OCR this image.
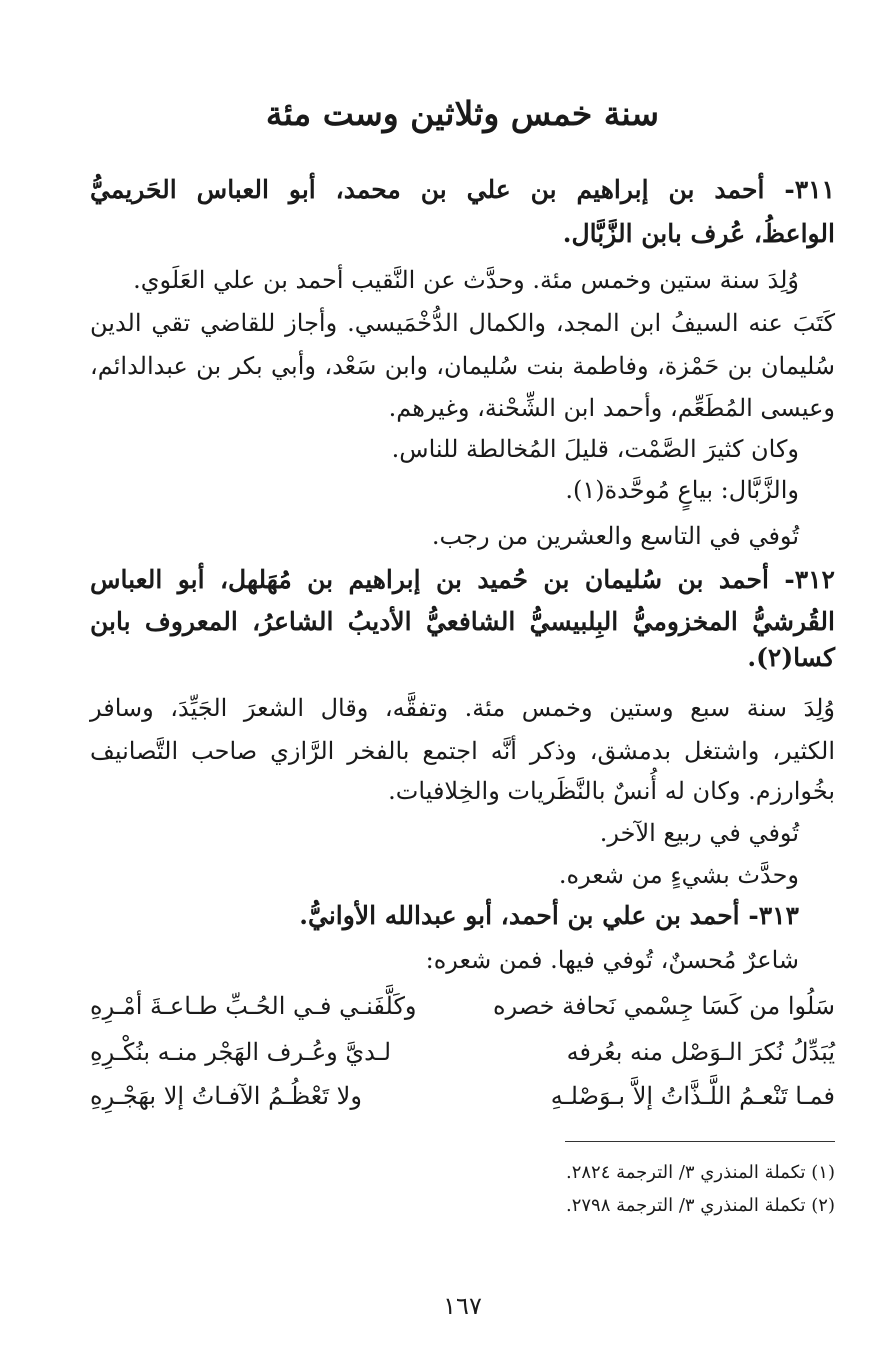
سنة خمس وثلاثين وست مئة
٣١١- أحمد بن إبراهيم بن علي بن محمد، أبو العباس الحَريميُّ
الواعظُ، عُرف بابن الزَّبَّال.
وُلِدَ سنة ستين وخمس مئة. وحدَّث عن النَّقيب أحمد بن علي العَلَوي.
كَتَبَ عنه السيفُ ابن المجد، والكمال الدُّخْمَيسي. وأجاز للقاضي تقي الدين
سُليمان بن حَمْزة، وفاطمة بنت سُليمان، وابن سَعْد، وأبي بكر بن عبدالدائم،
وعيسى المُطَعِّم، وأحمد ابن الشِّحْنة، وغيرهم.
وكان كثيرَ الصَّمْت، قليلَ المُخالطة للناس.
والزَّبَّال: بياعٍ مُوحَّدة(١).
تُوفي في التاسع والعشرين من رجب.
٣١٢- أحمد بن سُليمان بن حُميد بن إبراهيم بن مُهَلهل، أبو العباس
القُرشيُّ المخزوميُّ البِلبيسيُّ الشافعيُّ الأديبُ الشاعرُ، المعروف بابن
كسا(٢).
وُلِدَ سنة سبع وستين وخمس مئة. وتفقَّه، وقال الشعرَ الجَيِّدَ، وسافر
الكثير، واشتغل بدمشق، وذكر أنَّه اجتمع بالفخر الرَّازي صاحب التَّصانيف
بخُوارزم. وكان له أُنسٌ بالنَّظَريات والخِلافيات.
تُوفي في ربيع الآخر.
وحدَّث بشيءٍ من شعره.
٣١٣- أحمد بن علي بن أحمد، أبو عبدالله الأوانيُّ.
شاعرٌ مُحسنٌ، تُوفي فيها. فمن شعره:
سَلُوا من كَسَا جِسْمي نَحافة خصره
وكَلَّفَنـي فـي الحُـبِّ طـاعـةَ أمْـرِهِ
يُبَدِّلُ نُكرَ الـوَصْل منه بعُرفه
لـديَّ وعُـرف الهَجْر منـه بنُكْـرِهِ
فمـا تَنْعـمُ اللَّـذَّاتُ إلاَّ بـوَصْلـهِ
ولا تَعْظُـمُ الآفـاتُ إلا بهَجْـرِهِ
(١) تكملة المنذري ٣/ الترجمة ٢٨٢٤.
(٢) تكملة المنذري ٣/ الترجمة ٢٧٩٨.
١٦٧
